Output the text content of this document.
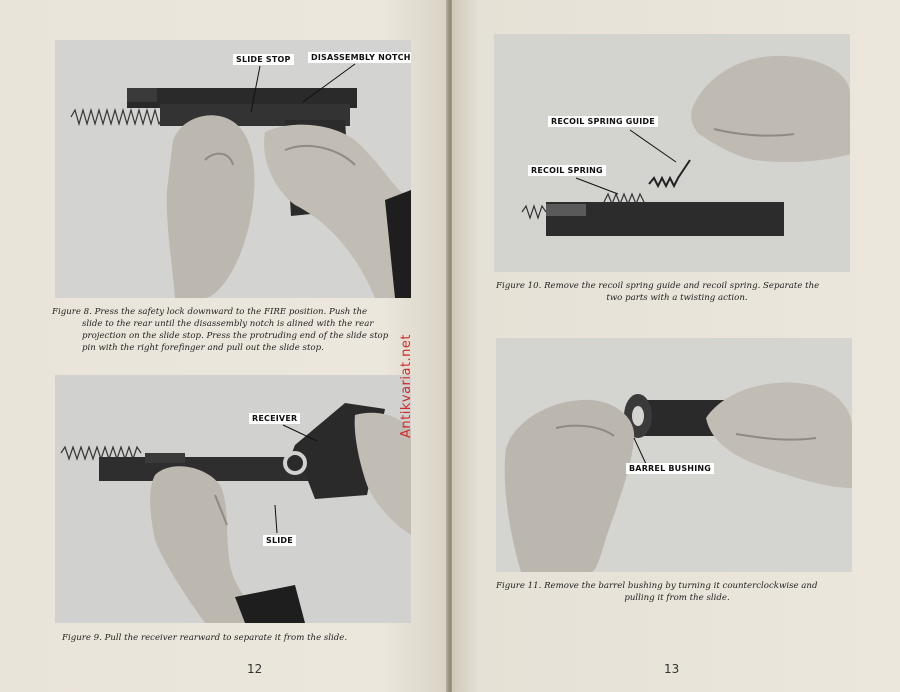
SLIDE STOP	DISASSEMBLY NOTCH
Figure 8. Press the safety lock downward to the FIRE position. Push the
slide to the rear until the disassembly notch is alined with the rear
projection on the slide stop. Press the protruding end of the slide stop
pin with the right forefinger and pull out the slide stop.
RECEIVER
SLIDE
Figure 9. Pull the receiver rearward to separate it from the slide.
12
Antikvariat.net
RECOIL SPRING GUIDE
RECOIL SPRING
Figure 10. Remove the recoil spring guide and recoil spring. Separate the
two parts with a twisting action.
BARREL BUSHING
Figure 11. Remove the barrel bushing by turning it counterclockwise and
pulling it from the slide.
13
